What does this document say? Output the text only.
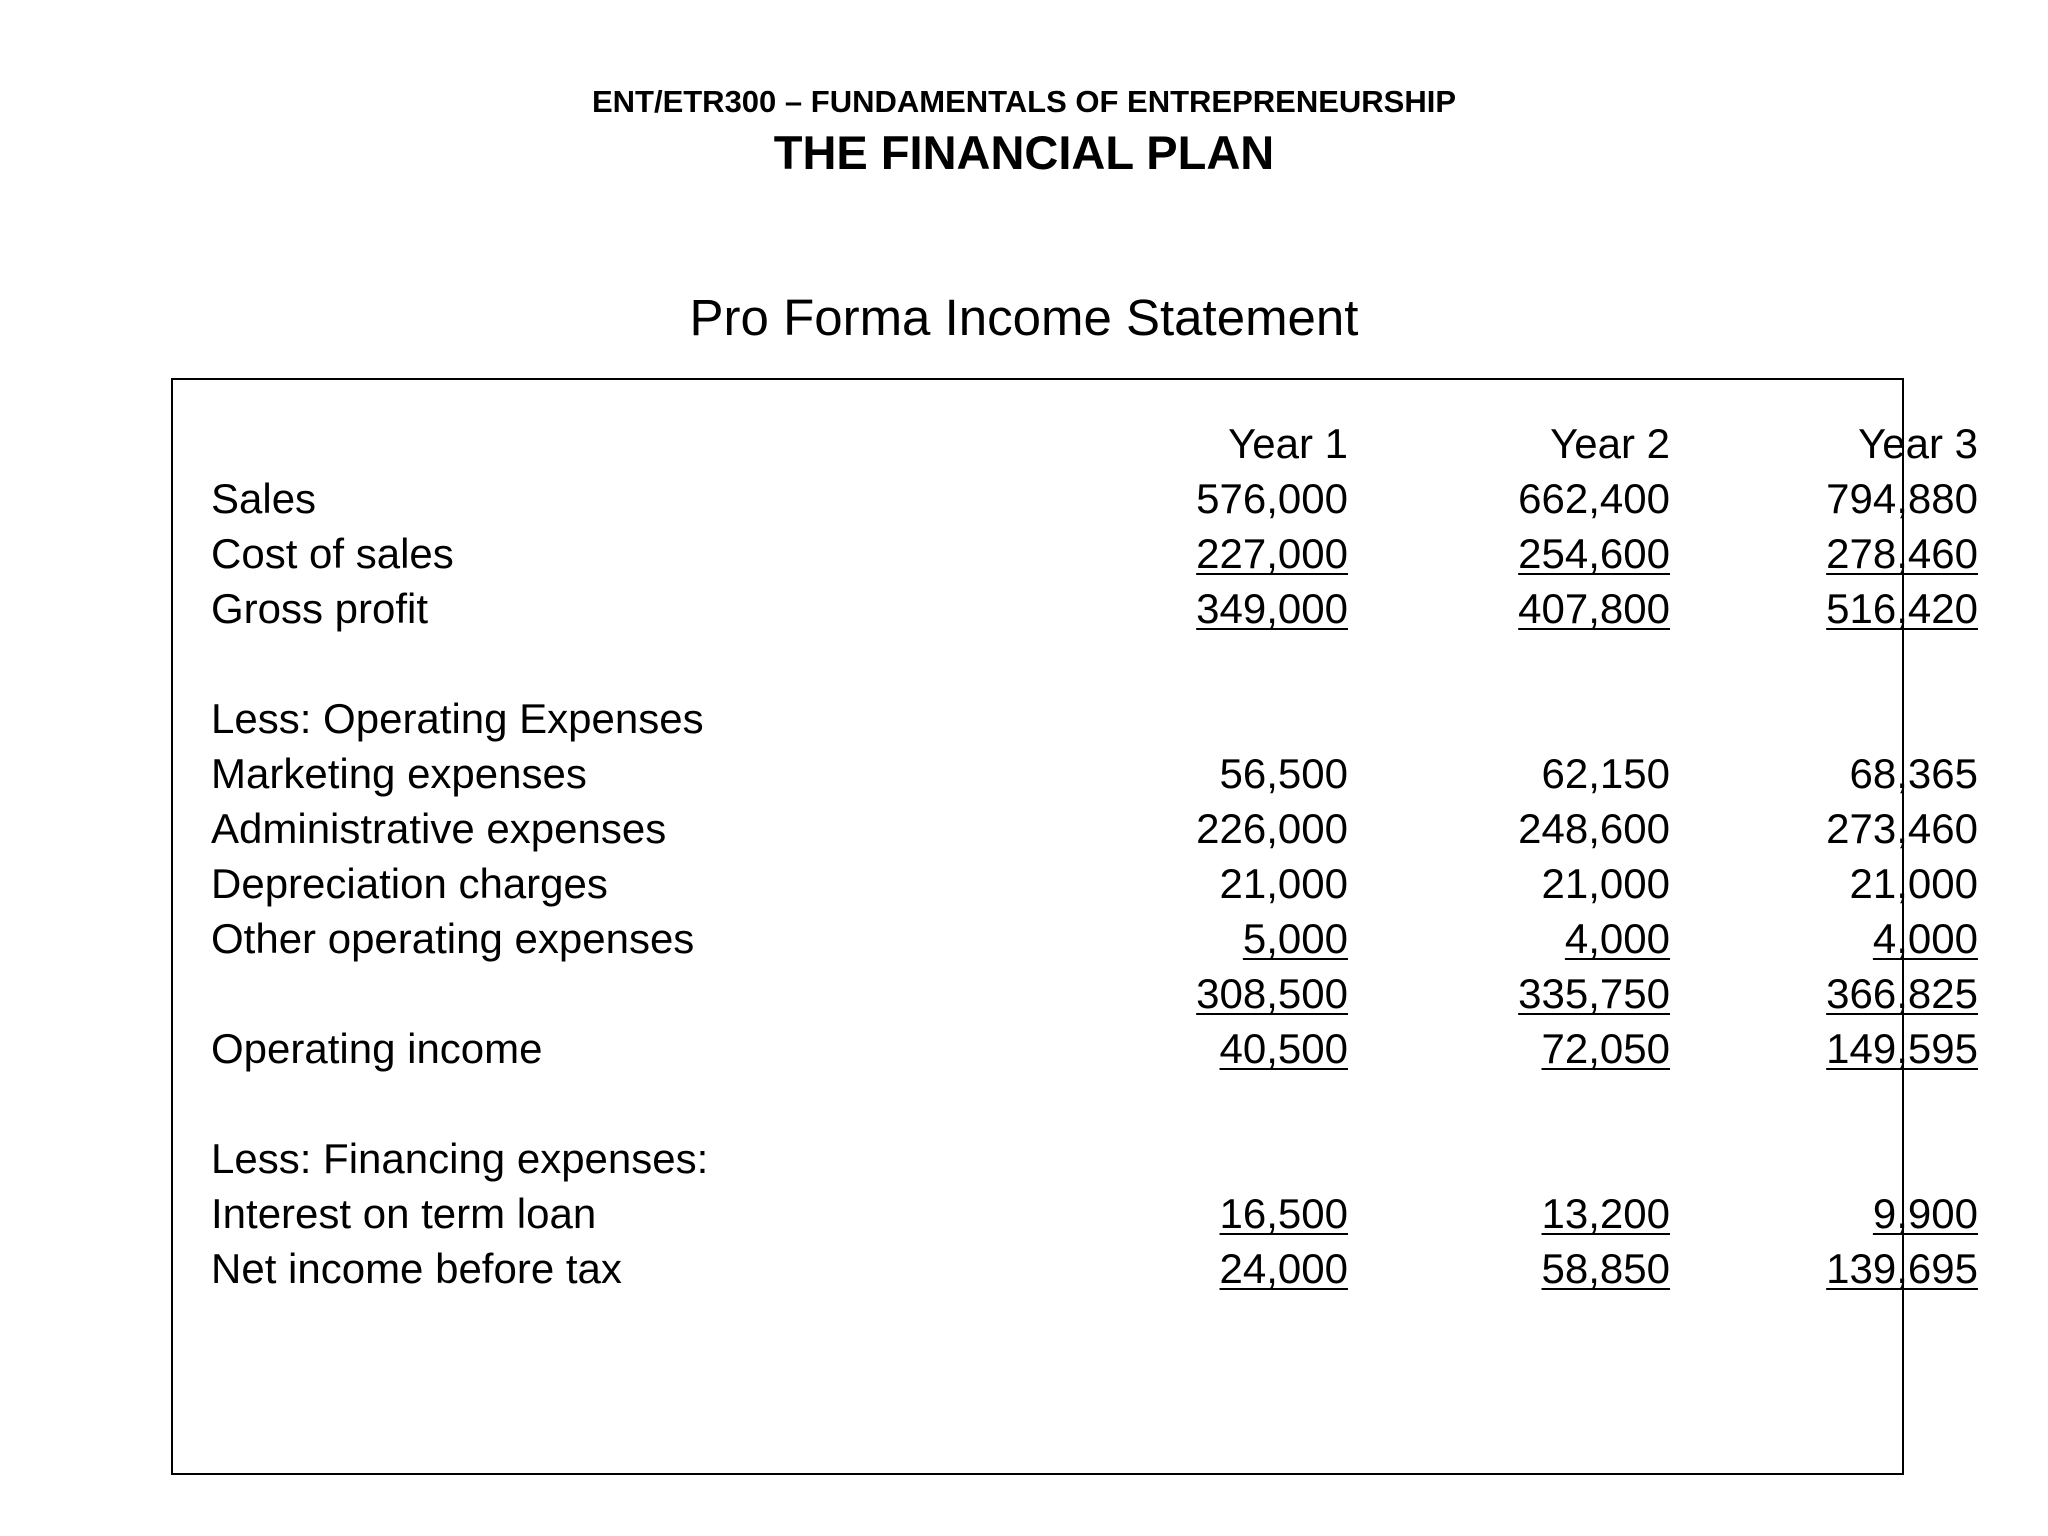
ENT/ETR300 – FUNDAMENTALS OF ENTREPRENEURSHIP
THE FINANCIAL PLAN
Pro Forma Income Statement
Year 1	Year 2	Year 3
Sales	576,000	662,400	794,880
Cost of sales	227,000	254,600	278,460
Gross profit	349,000	407,800	516,420
Less: Operating Expenses
Marketing expenses	56,500	62,150	68,365
Administrative expenses	226,000	248,600	273,460
Depreciation charges	21,000	21,000	21,000
Other operating expenses	5,000	4,000	4,000
308,500	335,750	366,825
Operating income	40,500	72,050	149,595
Less: Financing expenses:
Interest on term loan	16,500	13,200	9,900
Net income before tax	24,000	58,850	139,695
